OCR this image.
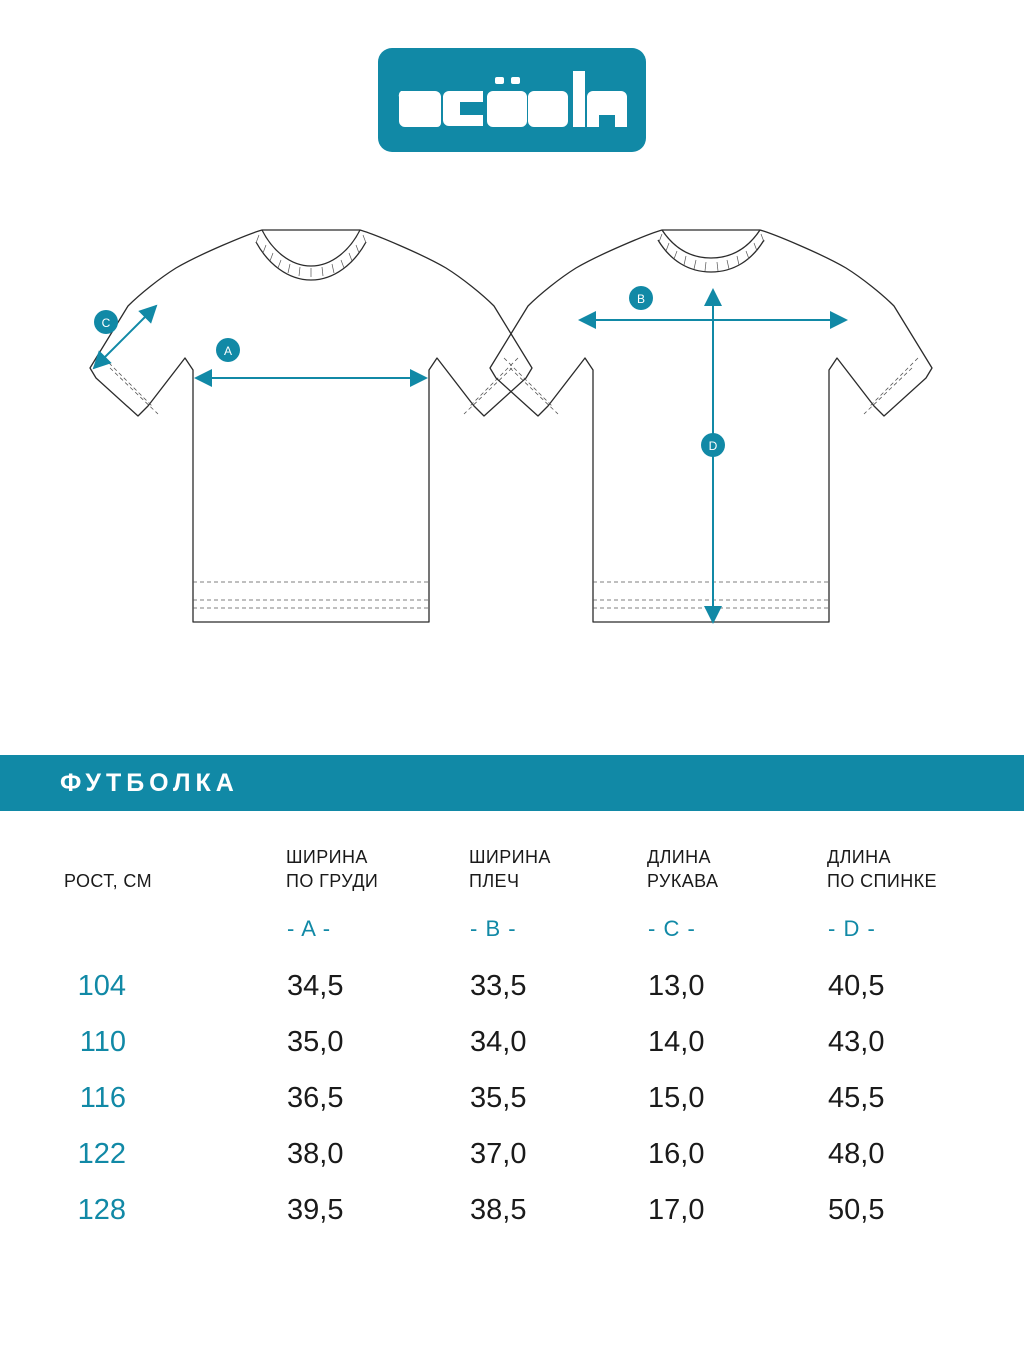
A
C
B
D
ФУТБОЛКА
РОСТ, СМ

ШИРИНА
ПО ГРУДИ

ШИРИНА
ПЛЕЧ

ДЛИНА
РУКАВА

ДЛИНА
ПО СПИНКЕ

	- A -	- B -	- C -	- D -
104	34,5	33,5	13,0	40,5
110	35,0	34,0	14,0	43,0
116	36,5	35,5	15,0	45,5
122	38,0	37,0	16,0	48,0
128	39,5	38,5	17,0	50,5
